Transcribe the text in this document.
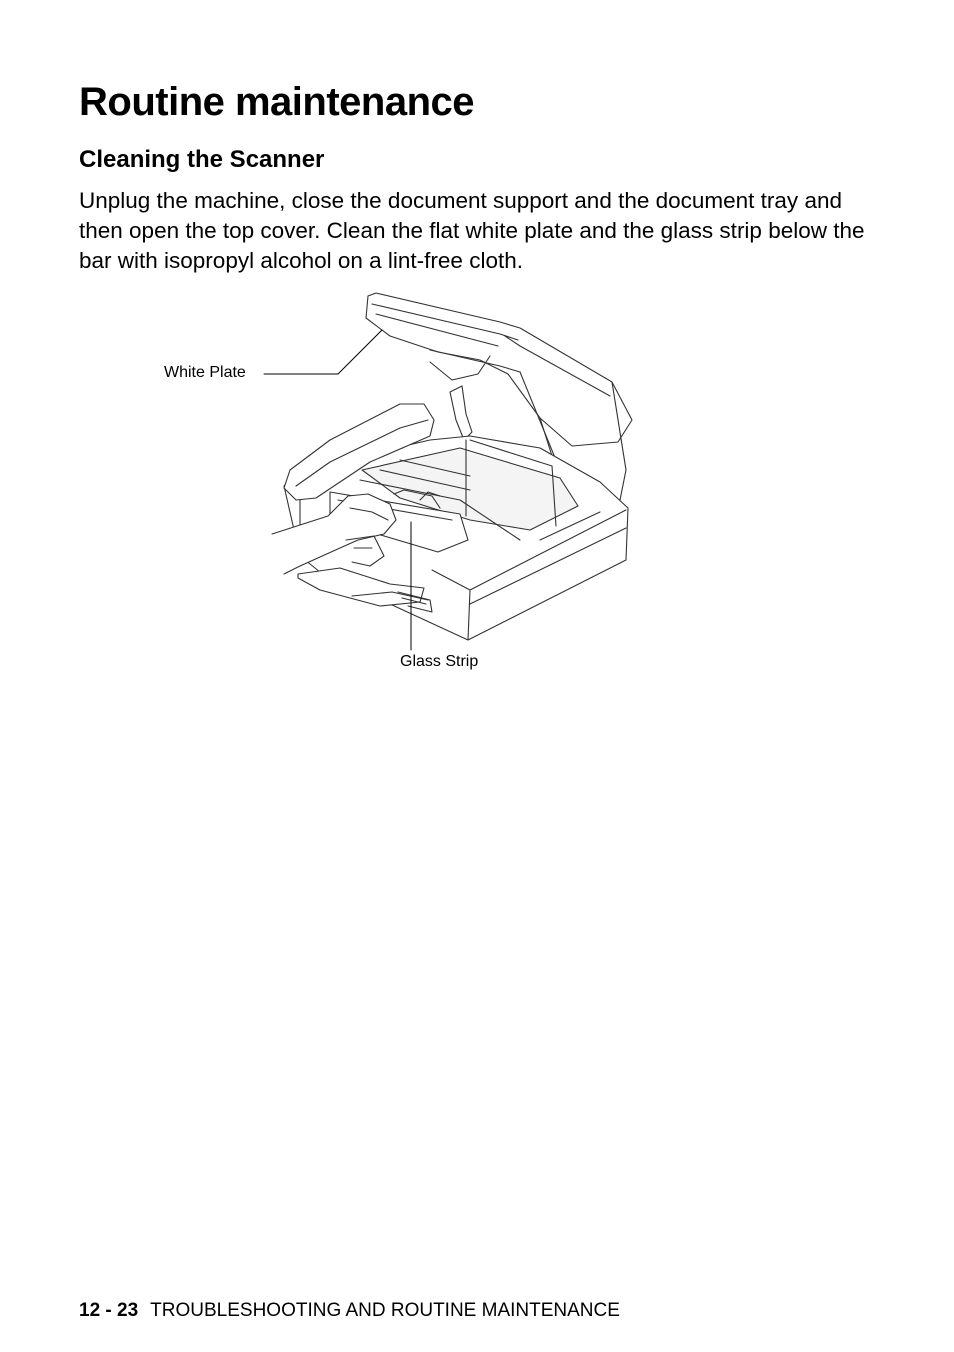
Routine maintenance
Cleaning the Scanner

Unplug the machine, close the document support and the document tray and then open the top cover. Clean the flat white plate and the glass strip below the bar with isopropyl alcohol on a lint-free cloth.

White Plate
Glass Strip
12 - 23 TROUBLESHOOTING AND ROUTINE MAINTENANCE
